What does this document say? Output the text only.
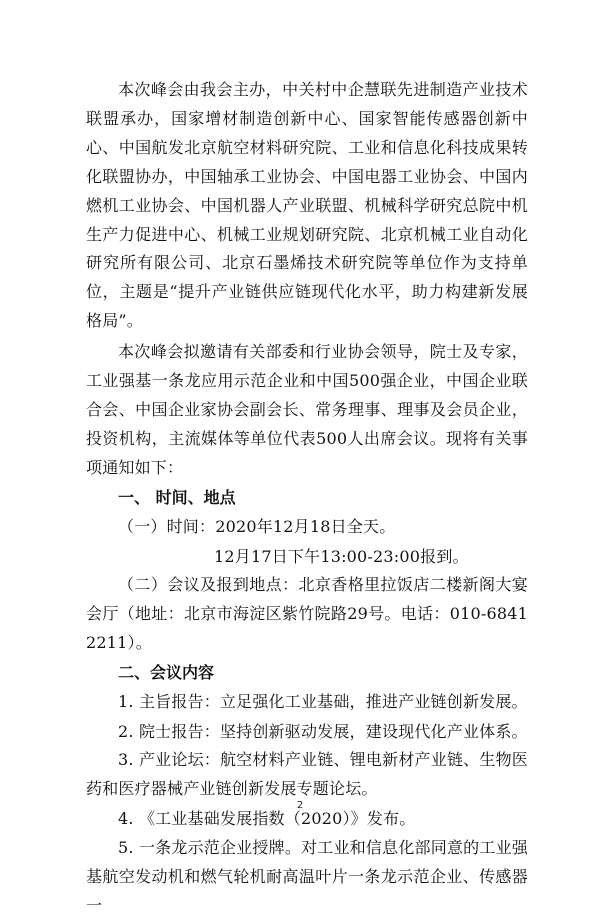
本次峰会由我会主办，中关村中企慧联先进制造产业技术联盟承办，国家增材制造创新中心、国家智能传感器创新中心、中国航发北京航空材料研究院、工业和信息化科技成果转化联盟协办，中国轴承工业协会、中国电器工业协会、中国内燃机工业协会、中国机器人产业联盟、机械科学研究总院中机生产力促进中心、机械工业规划研究院、北京机械工业自动化研究所有限公司、北京石墨烯技术研究院等单位作为支持单位，主题是“提升产业链供应链现代化水平，助力构建新发展格局”。

本次峰会拟邀请有关部委和行业协会领导，院士及专家，工业强基一条龙应用示范企业和中国500强企业，中国企业联合会、中国企业家协会副会长、常务理事、理事及会员企业，投资机构，主流媒体等单位代表500人出席会议。现将有关事项通知如下：

一、 时间、地点

（一）时间：2020年12月18日全天。

12月17日下午13:00-23:00报到。

（二）会议及报到地点：北京香格里拉饭店二楼新阁大宴会厅（地址：北京市海淀区紫竹院路29号。电话：010-68412211）。

二、会议内容

1. 主旨报告：立足强化工业基础，推进产业链创新发展。

2. 院士报告：坚持创新驱动发展，建设现代化产业体系。

3. 产业论坛：航空材料产业链、锂电新材产业链、生物医药和医疗器械产业链创新发展专题论坛。

4. 《工业基础发展指数（2020）》发布。

5. 一条龙示范企业授牌。对工业和信息化部同意的工业强基航空发动机和燃气轮机耐高温叶片一条龙示范企业、传感器一

2
